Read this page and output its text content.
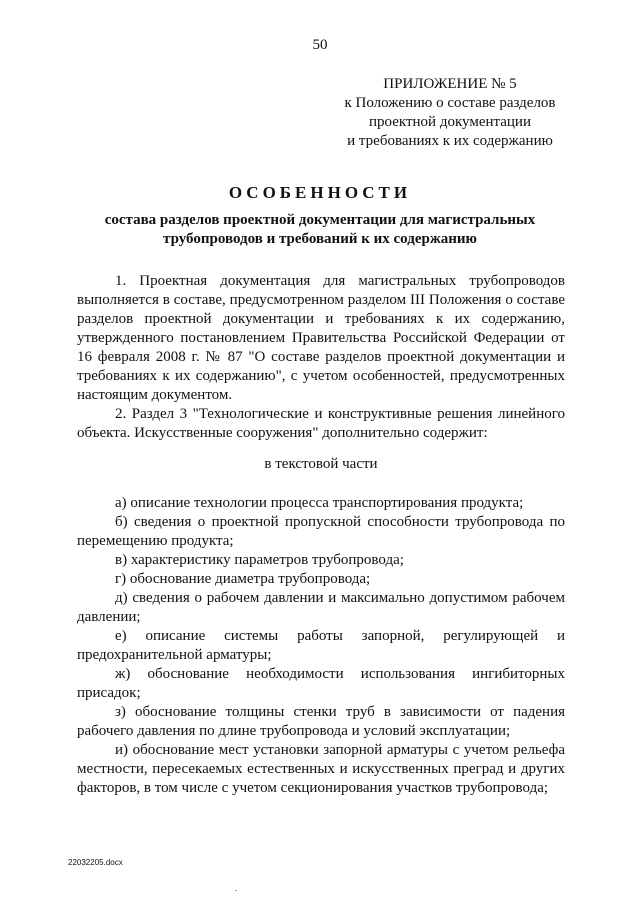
50
ПРИЛОЖЕНИЕ № 5
к Положению о составе разделов
проектной документации
и требованиях к их содержанию
ОСОБЕННОСТИ
состава разделов проектной документации для магистральных трубопроводов и требований к их содержанию

1. Проектная документация для магистральных трубопроводов выполняется в составе, предусмотренном разделом III Положения о составе разделов проектной документации и требованиях к их содержанию, утвержденного постановлением Правительства Российской Федерации от 16 февраля 2008 г. № 87 "О составе разделов проектной документации и требованиях к их содержанию", с учетом особенностей, предусмотренных настоящим документом.

2. Раздел 3 "Технологические и конструктивные решения линейного объекта. Искусственные сооружения" дополнительно содержит:

в текстовой части

а) описание технологии процесса транспортирования продукта;

б) сведения о проектной пропускной способности трубопровода по перемещению продукта;

в) характеристику параметров трубопровода;

г) обоснование диаметра трубопровода;

д) сведения о рабочем давлении и максимально допустимом рабочем давлении;

е) описание системы работы запорной, регулирующей и предохранительной арматуры;

ж) обоснование необходимости использования ингибиторных присадок;

з) обоснование толщины стенки труб в зависимости от падения рабочего давления по длине трубопровода и условий эксплуатации;

и) обоснование мест установки запорной арматуры с учетом рельефа местности, пересекаемых естественных и искусственных преград и других факторов, в том числе с учетом секционирования участков трубопровода;

22032205.docx
.
